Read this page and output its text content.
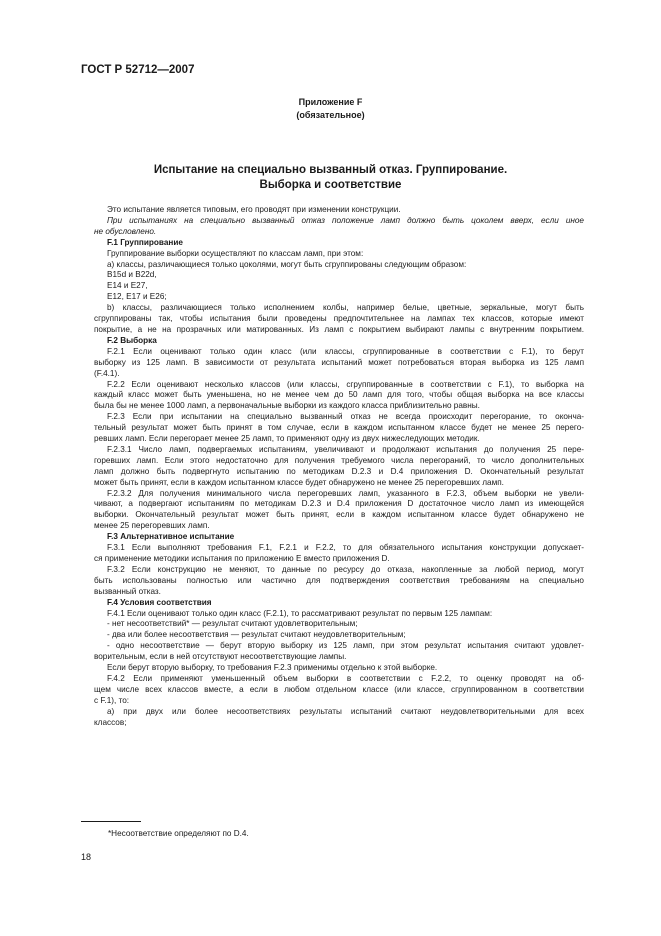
ГОСТ Р 52712—2007
Приложение F
(обязательное)
Испытание на специально вызванный отказ. Группирование.
Выборка и соответствие
Это испытание является типовым, его проводят при изменении конструкции.
При испытаниях на специально вызванный отказ положение ламп должно быть цоколем вверх, если иное
не обусловлено.
F.1 Группирование
Группирование выборки осуществляют по классам ламп, при этом:
а) классы, различающиеся только цоколями, могут быть сгруппированы следующим образом:
B15d и B22d,
E14 и E27,
E12, E17 и E26;
b) классы, различающиеся только исполнением колбы, например белые, цветные, зеркальные, могут быть
сгруппированы так, чтобы испытания были проведены предпочтительнее на лампах тех классов, которые имеют
покрытие, а не на прозрачных или матированных. Из ламп с покрытием выбирают лампы с внутренним покрытием.
F.2 Выборка
F.2.1 Если оценивают только один класс (или классы, сгруппированные в соответствии с F.1), то берут
выборку из 125 ламп. В зависимости от результата испытаний может потребоваться вторая выборка из 125 ламп
(F.4.1).
F.2.2 Если оценивают несколько классов (или классы, сгруппированные в соответствии с F.1), то выборка на
каждый класс может быть уменьшена, но не менее чем до 50 ламп для того, чтобы общая выборка на все классы
была бы не менее 1000 ламп, а первоначальные выборки из каждого класса приблизительно равны.
F.2.3 Если при испытании на специально вызванный отказ не всегда происходит перегорание, то оконча-
тельный результат может быть принят в том случае, если в каждом испытанном классе будет не менее 25 перего-
ревших ламп. Если перегорает менее 25 ламп, то применяют одну из двух нижеследующих методик.
F.2.3.1 Число ламп, подвергаемых испытаниям, увеличивают и продолжают испытания до получения 25 пере-
горевших ламп. Если этого недостаточно для получения требуемого числа перегораний, то число дополнительных
ламп должно быть подвергнуто испытанию по методикам D.2.3 и D.4 приложения D. Окончательный результат
может быть принят, если в каждом испытанном классе будет обнаружено не менее 25 перегоревших ламп.
F.2.3.2 Для получения минимального числа перегоревших ламп, указанного в F.2.3, объем выборки не увели-
чивают, а подвергают испытаниям по методикам D.2.3 и D.4 приложения D достаточное число ламп из имеющейся
выборки. Окончательный результат может быть принят, если в каждом испытанном классе будет обнаружено не
менее 25 перегоревших ламп.
F.3 Альтернативное испытание
F.3.1 Если выполняют требования F.1, F.2.1 и F.2.2, то для обязательного испытания конструкции допускает-
ся применение методики испытания по приложению Е вместо приложения D.
F.3.2 Если конструкцию не меняют, то данные по ресурсу до отказа, накопленные за любой период, могут
быть использованы полностью или частично для подтверждения соответствия требованиям на специально
вызванный отказ.
F.4 Условия соответствия
F.4.1 Если оценивают только один класс (F.2.1), то рассматривают результат по первым 125 лампам:
- нет несоответствий* — результат считают удовлетворительным;
- два или более несоответствия — результат считают неудовлетворительным;
- одно несоответствие — берут вторую выборку из 125 ламп, при этом результат испытания считают удовлет-
ворительным, если в ней отсутствуют несоответствующие лампы.
Если берут вторую выборку, то требования F.2.3 применимы отдельно к этой выборке.
F.4.2 Если применяют уменьшенный объем выборки в соответствии с F.2.2, то оценку проводят на об-
щем числе всех классов вместе, а если в любом отдельном классе (или классе, сгруппированном в соответствии
с F.1), то:
а) при двух или более несоответствиях результаты испытаний считают неудовлетворительными для всех
классов;
*Несоответствие определяют по D.4.
18
